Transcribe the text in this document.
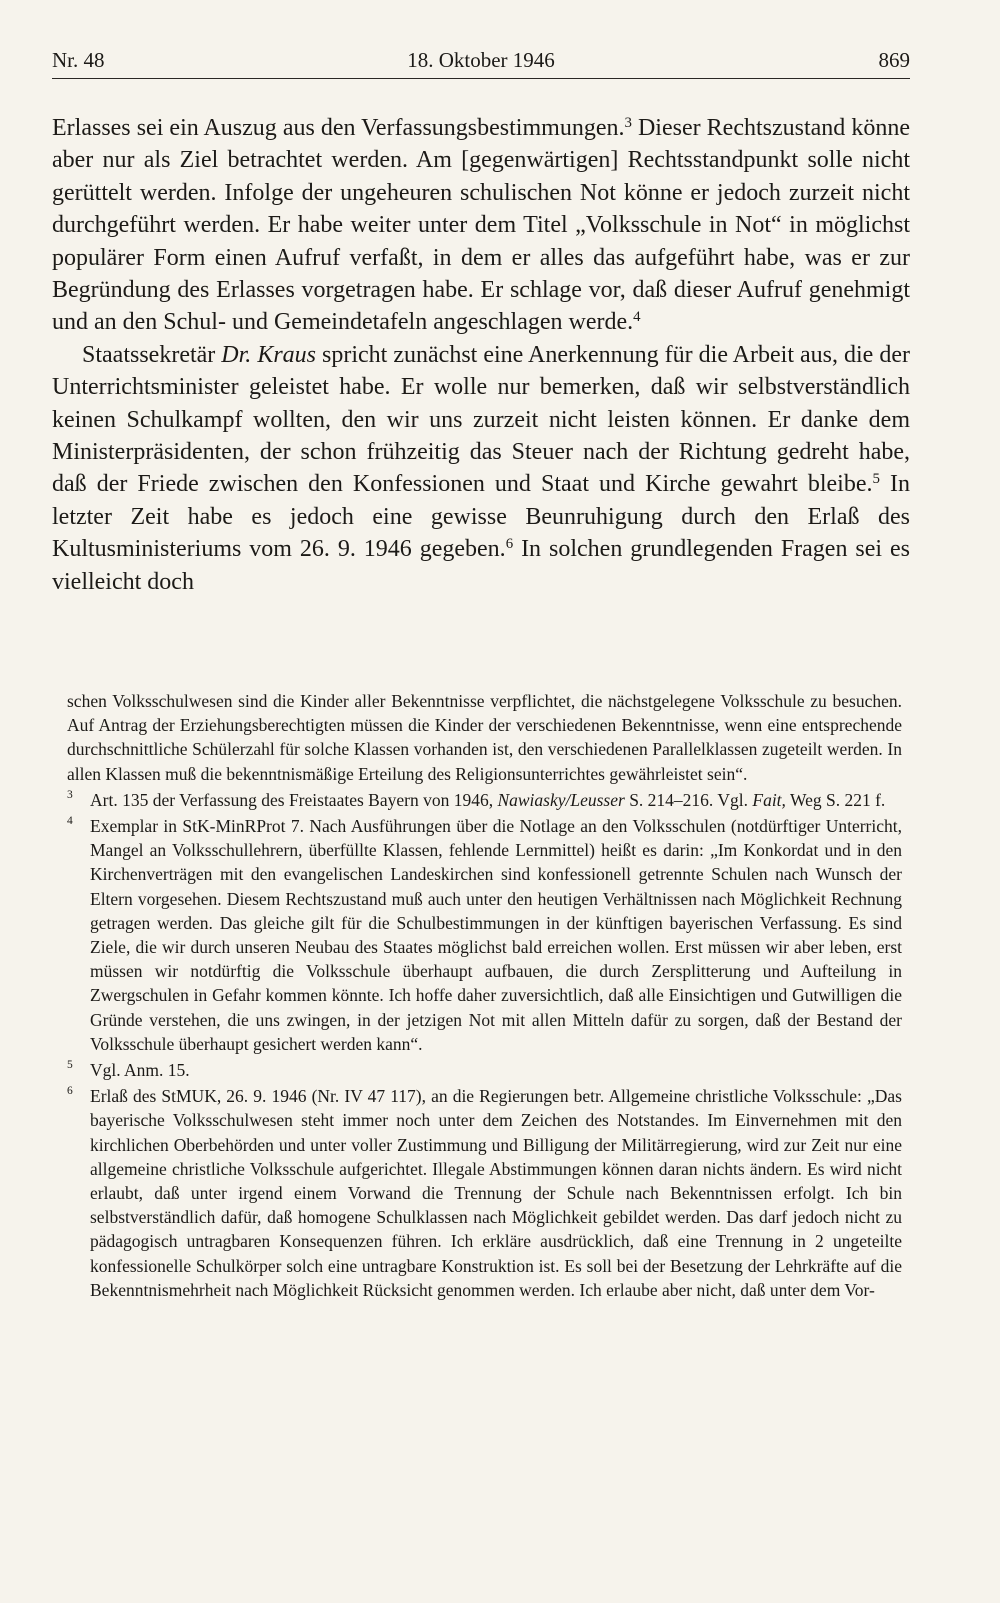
Nr. 48	18. Oktober 1946	869

Erlasses sei ein Auszug aus den Verfassungsbestimmungen.$^3$ Dieser Rechtszustand könne aber nur als Ziel betrachtet werden. Am [gegenwärtigen] Rechtsstandpunkt solle nicht gerüttelt werden. Infolge der ungeheuren schulischen Not könne er jedoch zurzeit nicht durchgeführt werden. Er habe weiter unter dem Titel „Volksschule in Not“ in möglichst populärer Form einen Aufruf verfaßt, in dem er alles das aufgeführt habe, was er zur Begründung des Erlasses vorgetragen habe. Er schlage vor, daß dieser Aufruf genehmigt und an den Schul- und Gemeindetafeln angeschlagen werde.$^4$

Staatssekretär Dr. Kraus spricht zunächst eine Anerkennung für die Arbeit aus, die der Unterrichtsminister geleistet habe. Er wolle nur bemerken, daß wir selbstverständlich keinen Schulkampf wollten, den wir uns zurzeit nicht leisten können. Er danke dem Ministerpräsidenten, der schon frühzeitig das Steuer nach der Richtung gedreht habe, daß der Friede zwischen den Konfessionen und Staat und Kirche gewahrt bleibe.$^5$ In letzter Zeit habe es jedoch eine gewisse Beunruhigung durch den Erlaß des Kultusministeriums vom 26. 9. 1946 gegeben.$^6$ In solchen grundlegenden Fragen sei es vielleicht doch

schen Volksschulwesen sind die Kinder aller Bekenntnisse verpflichtet, die nächstgelegene Volksschule zu besuchen. Auf Antrag der Erziehungsberechtigten müssen die Kinder der verschiedenen Bekenntnisse, wenn eine entsprechende durchschnittliche Schülerzahl für solche Klassen vorhanden ist, den verschiedenen Parallelklassen zugeteilt werden. In allen Klassen muß die bekenntnismäßige Erteilung des Religionsunterrichtes gewährleistet sein“.

3 Art. 135 der Verfassung des Freistaates Bayern von 1946, Nawiasky/Leusser S. 214–216. Vgl. Fait, Weg S. 221 f.

4 Exemplar in StK-MinRProt 7. Nach Ausführungen über die Notlage an den Volksschulen (notdürftiger Unterricht, Mangel an Volksschullehrern, überfüllte Klassen, fehlende Lernmittel) heißt es darin: „Im Konkordat und in den Kirchenverträgen mit den evangelischen Landeskirchen sind konfessionell getrennte Schulen nach Wunsch der Eltern vorgesehen. Diesem Rechtszustand muß auch unter den heutigen Verhältnissen nach Möglichkeit Rechnung getragen werden. Das gleiche gilt für die Schulbestimmungen in der künftigen bayerischen Verfassung. Es sind Ziele, die wir durch unseren Neubau des Staates möglichst bald erreichen wollen. Erst müssen wir aber leben, erst müssen wir notdürftig die Volksschule überhaupt aufbauen, die durch Zersplitterung und Aufteilung in Zwergschulen in Gefahr kommen könnte. Ich hoffe daher zuversichtlich, daß alle Einsichtigen und Gutwilligen die Gründe verstehen, die uns zwingen, in der jetzigen Not mit allen Mitteln dafür zu sorgen, daß der Bestand der Volksschule überhaupt gesichert werden kann“.

5 Vgl. Anm. 15.

6 Erlaß des StMUK, 26. 9. 1946 (Nr. IV 47 117), an die Regierungen betr. Allgemeine christliche Volksschule: „Das bayerische Volksschulwesen steht immer noch unter dem Zeichen des Notstandes. Im Einvernehmen mit den kirchlichen Oberbehörden und unter voller Zustimmung und Billigung der Militärregierung, wird zur Zeit nur eine allgemeine christliche Volksschule aufgerichtet. Illegale Abstimmungen können daran nichts ändern. Es wird nicht erlaubt, daß unter irgend einem Vorwand die Trennung der Schule nach Bekenntnissen erfolgt. Ich bin selbstverständlich dafür, daß homogene Schulklassen nach Möglichkeit gebildet werden. Das darf jedoch nicht zu pädagogisch untragbaren Konsequenzen führen. Ich erkläre ausdrücklich, daß eine Trennung in 2 ungeteilte konfessionelle Schulkörper solch eine untragbare Konstruktion ist. Es soll bei der Besetzung der Lehrkräfte auf die Bekenntnismehrheit nach Möglichkeit Rücksicht genommen werden. Ich erlaube aber nicht, daß unter dem Vor-
